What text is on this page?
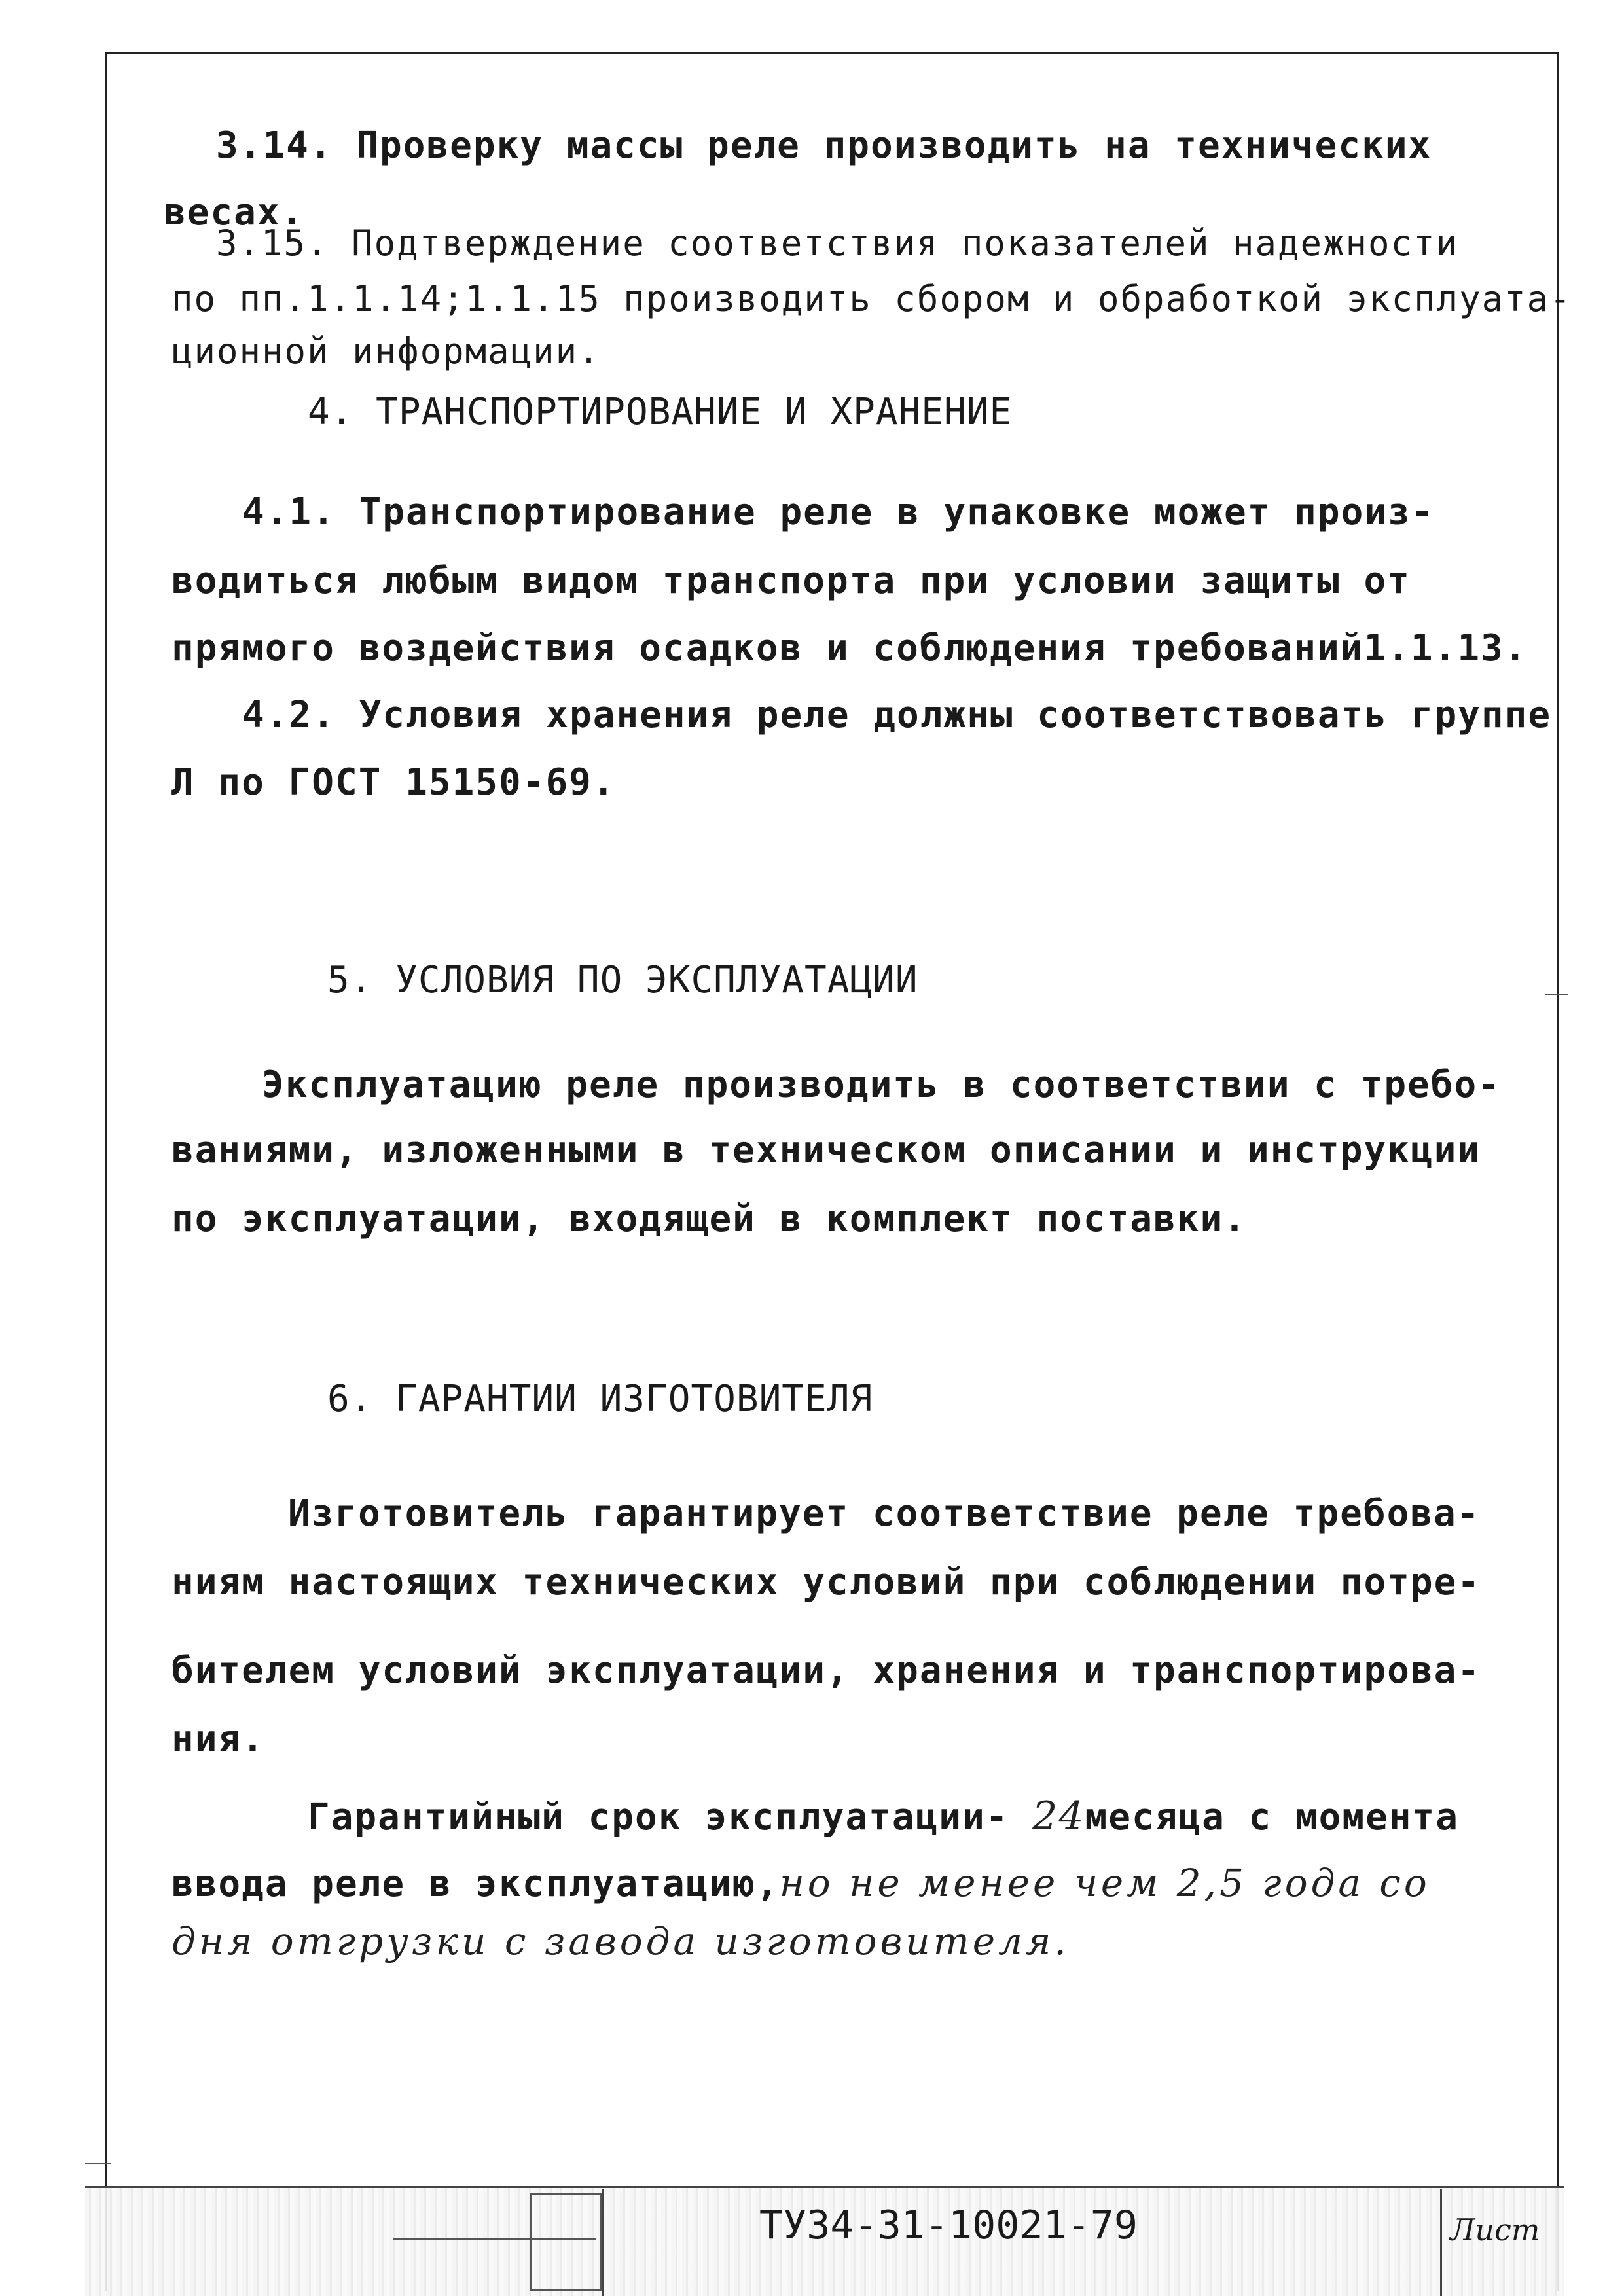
3.14. Проверку массы реле производить на технических
весах.
3.15. Подтверждение соответствия показателей надежности
по пп.1.1.14;1.1.15 производить сбором и обработкой эксплуата-
ционной информации.
4. ТРАНСПОРТИРОВАНИЕ И ХРАНЕНИЕ
4.1. Транспортирование реле в упаковке может произ-
водиться любым видом транспорта при условии защиты от
прямого воздействия осадков и соблюдения требований1.1.13.
4.2. Условия хранения реле должны соответствовать группе
Л по ГОСТ 15150-69.
5. УСЛОВИЯ ПО ЭКСПЛУАТАЦИИ
Эксплуатацию реле производить в соответствии с требо-
ваниями, изложенными в техническом описании и инструкции
по эксплуатации, входящей в комплект поставки.
6. ГАРАНТИИ ИЗГОТОВИТЕЛЯ
Изготовитель гарантирует соответствие реле требова-
ниям настоящих технических условий при соблюдении потре-
бителем условий эксплуатации, хранения и транспортирова-
ния.
Гарантийный срок эксплуатации- 24месяца с момента
ввода реле в эксплуатацию,но не менее чем 2,5 года со
дня отгрузки с завода изготовителя.
ТУ34-31-10021-79	Лист
